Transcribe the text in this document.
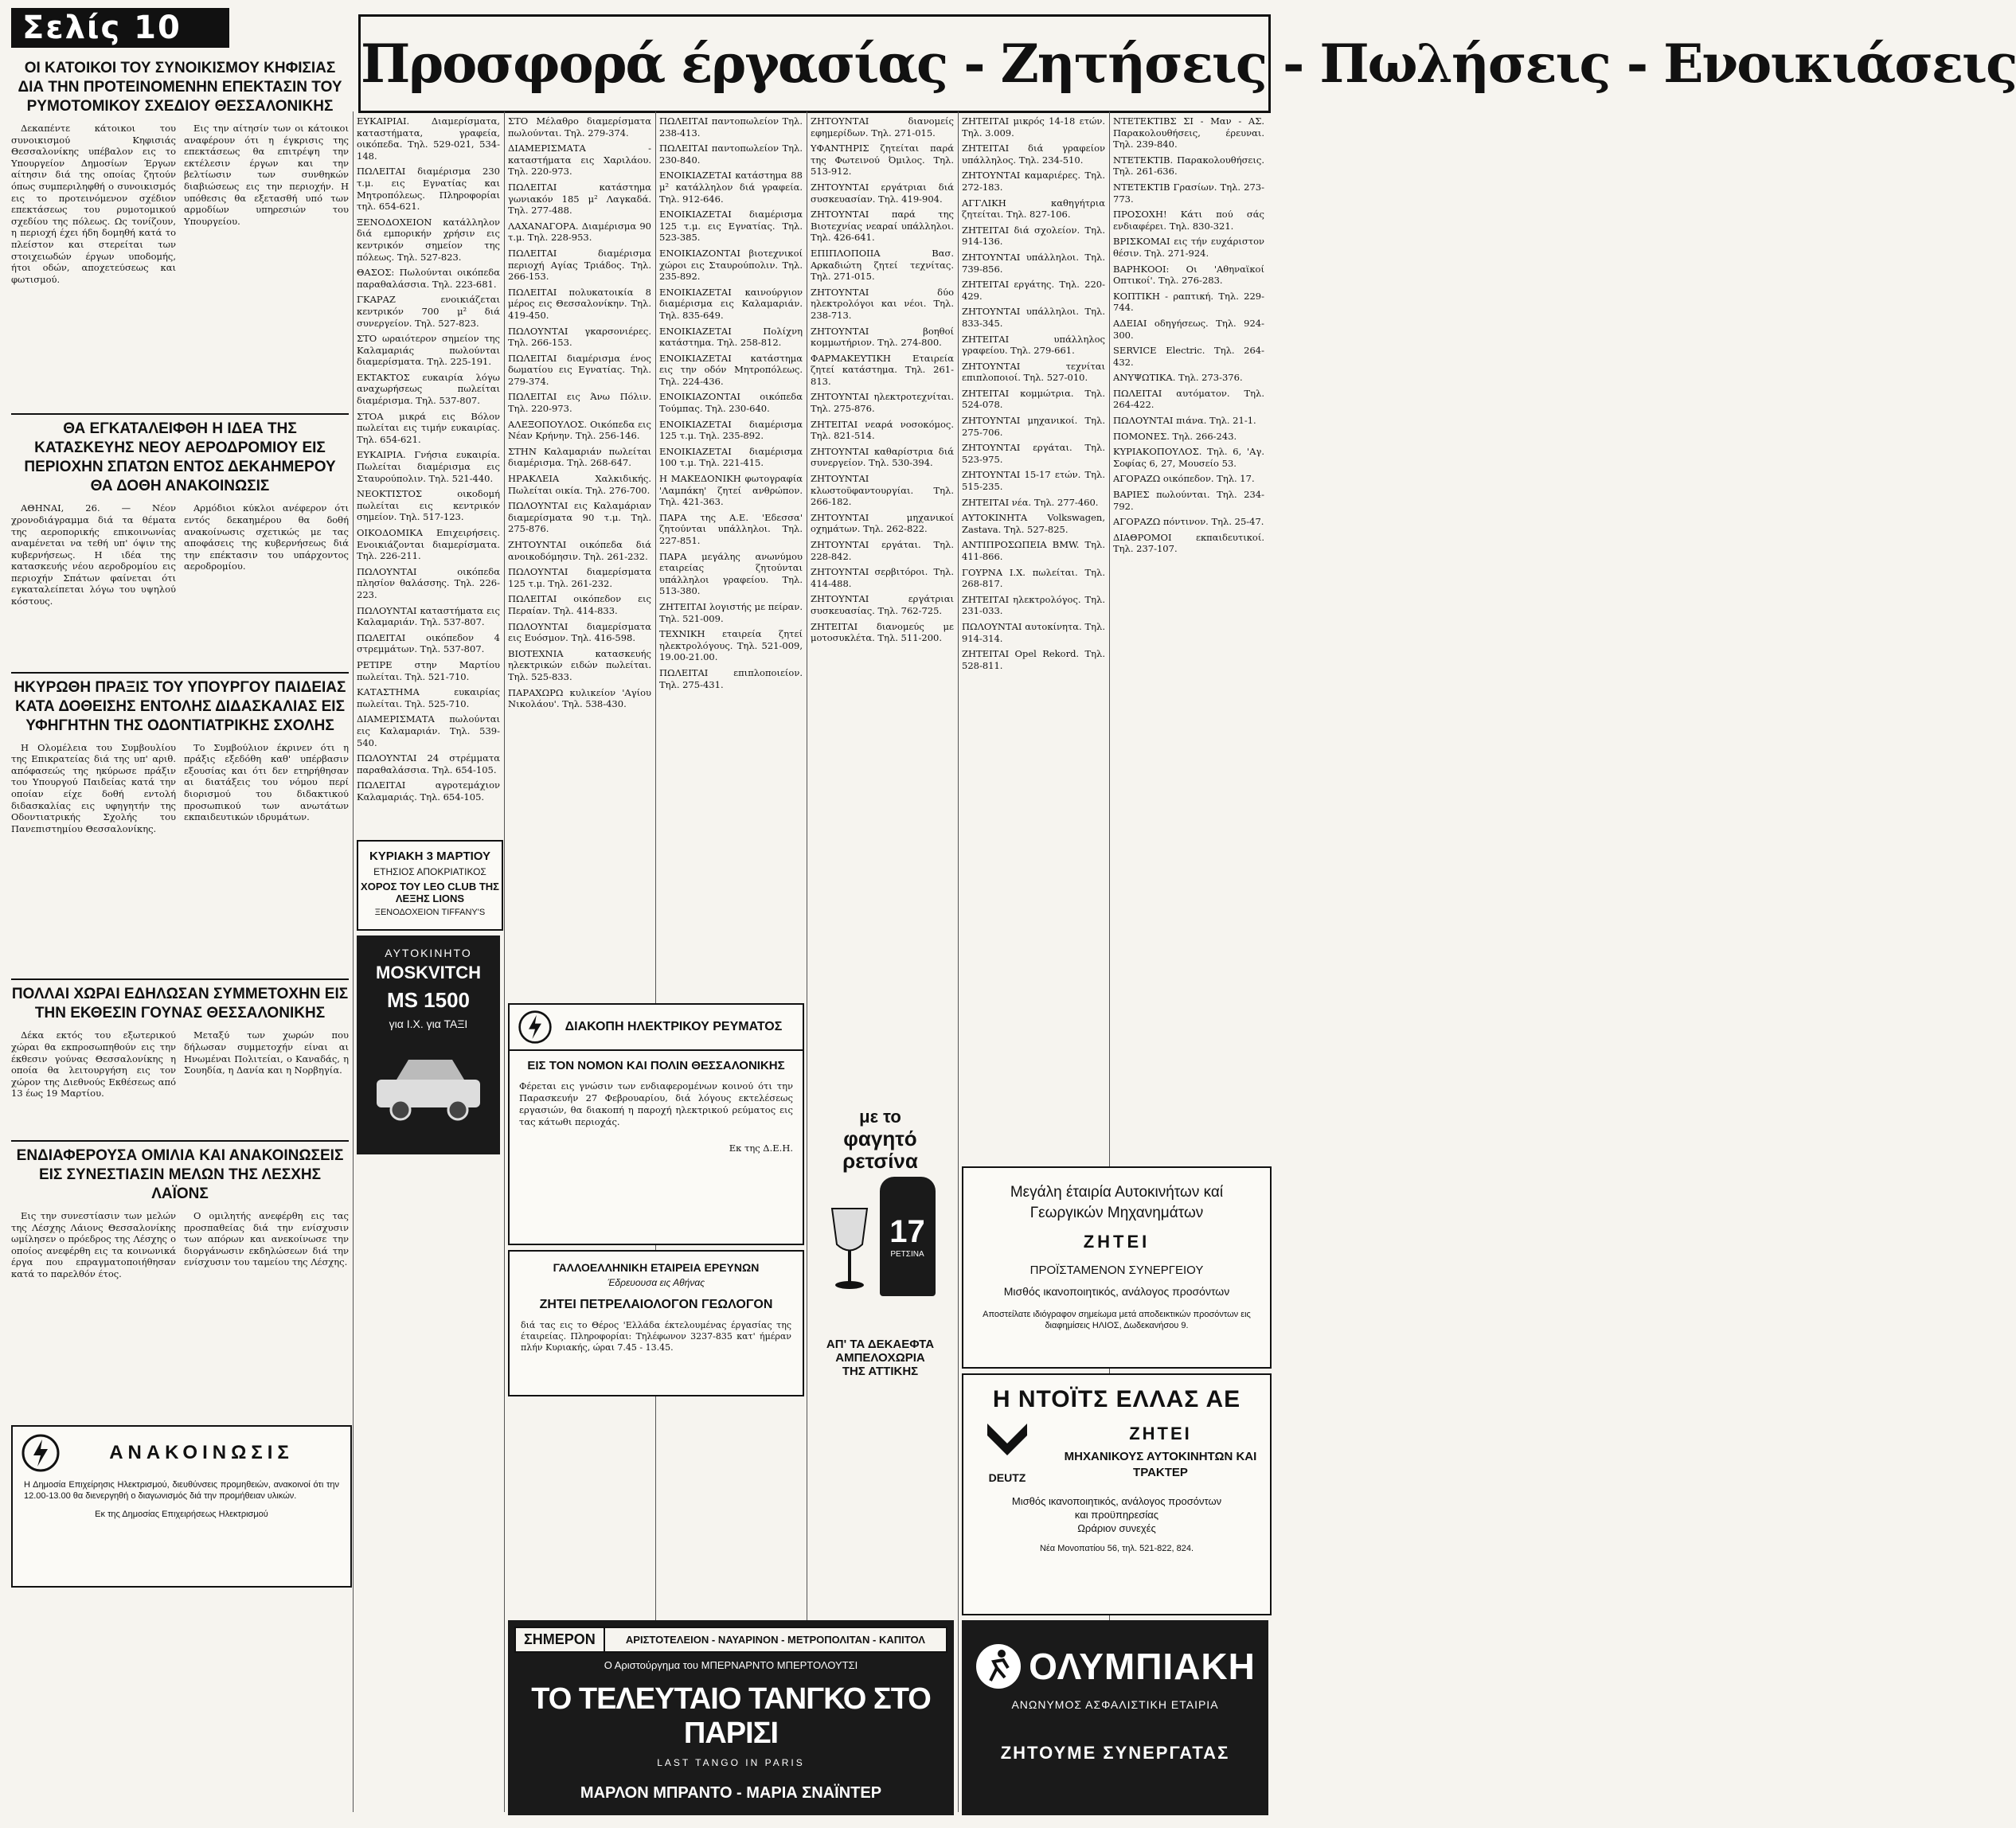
Σελίς 10
Προσφορά έργασίας - Ζητήσεις - Πωλήσεις - Ενοικιάσεις
ΟΙ ΚΑΤΟΙΚΟΙ ΤΟΥ ΣΥΝΟΙΚΙΣΜΟΥ ΚΗΦΙΣΙΑΣ ΔΙΑ ΤΗΝ ΠΡΟΤΕΙΝΟΜΕΝΗΝ ΕΠΕΚΤΑΣΙΝ ΤΟΥ ΡΥΜΟΤΟΜΙΚΟΥ ΣΧΕΔΙΟΥ ΘΕΣΣΑΛΟΝΙΚΗΣ

Δεκαπέντε κάτοικοι του συνοικισμού Κηφισιάς Θεσσαλονίκης υπέβαλον εις το Υπουργείον Δημοσίων Έργων αίτησιν διά της οποίας ζητούν όπως συμπεριληφθή ο συνοικισμός εις το προτεινόμενον σχέδιον επεκτάσεως του ρυμοτομικού σχεδίου της πόλεως. Ως τονίζουν, η περιοχή έχει ήδη δομηθή κατά το πλείστον και στερείται των στοιχειωδών έργων υποδομής, ήτοι οδών, αποχετεύσεως και φωτισμού.

Εις την αίτησίν των οι κάτοικοι αναφέρουν ότι η έγκρισις της επεκτάσεως θα επιτρέψη την εκτέλεσιν έργων και την βελτίωσιν των συνθηκών διαβιώσεως εις την περιοχήν. Η υπόθεσις θα εξετασθή υπό των αρμοδίων υπηρεσιών του Υπουργείου.

ΘΑ ΕΓΚΑΤΑΛΕΙΦΘΗ Η ΙΔΕΑ ΤΗΣ ΚΑΤΑΣΚΕΥΗΣ ΝΕΟΥ ΑΕΡΟΔΡΟΜΙΟΥ ΕΙΣ ΠΕΡΙΟΧΗΝ ΣΠΑΤΩΝ ΕΝΤΟΣ ΔΕΚΑΗΜΕΡΟΥ ΘΑ ΔΟΘΗ ΑΝΑΚΟΙΝΩΣΙΣ

ΑΘΗΝΑΙ, 26. — Νέον χρονοδιάγραμμα διά τα θέματα της αεροπορικής επικοινωνίας αναμένεται να τεθή υπ' όψιν της κυβερνήσεως. Η ιδέα της κατασκευής νέου αεροδρομίου εις περιοχήν Σπάτων φαίνεται ότι εγκαταλείπεται λόγω του υψηλού κόστους.

Αρμόδιοι κύκλοι ανέφερον ότι εντός δεκαημέρου θα δοθή ανακοίνωσις σχετικώς με τας αποφάσεις της κυβερνήσεως διά την επέκτασιν του υπάρχοντος αεροδρομίου.

ΗΚΥΡΩΘΗ ΠΡΑΞΙΣ ΤΟΥ ΥΠΟΥΡΓΟΥ ΠΑΙΔΕΙΑΣ ΚΑΤΑ ΔΟΘΕΙΣΗΣ ΕΝΤΟΛΗΣ ΔΙΔΑΣΚΑΛΙΑΣ ΕΙΣ ΥΦΗΓΗΤΗΝ ΤΗΣ ΟΔΟΝΤΙΑΤΡΙΚΗΣ ΣΧΟΛΗΣ

Η Ολομέλεια του Συμβουλίου της Επικρατείας διά της υπ' αριθ. απόφασεώς της ηκύρωσε πράξιν του Υπουργού Παιδείας κατά την οποίαν είχε δοθή εντολή διδασκαλίας εις υφηγητήν της Οδοντιατρικής Σχολής του Πανεπιστημίου Θεσσαλονίκης.

Το Συμβούλιον έκρινεν ότι η πράξις εξεδόθη καθ' υπέρβασιν εξουσίας και ότι δεν ετηρήθησαν αι διατάξεις του νόμου περί διορισμού του διδακτικού προσωπικού των ανωτάτων εκπαιδευτικών ιδρυμάτων.

ΠΟΛΛΑΙ ΧΩΡΑΙ ΕΔΗΛΩΣΑΝ ΣΥΜΜΕΤΟΧΗΝ ΕΙΣ ΤΗΝ ΕΚΘΕΣΙΝ ΓΟΥΝΑΣ ΘΕΣΣΑΛΟΝΙΚΗΣ

Δέκα εκτός του εξωτερικού χώραι θα εκπροσωπηθούν εις την έκθεσιν γούνας Θεσσαλονίκης η οποία θα λειτουργήση εις τον χώρον της Διεθνούς Εκθέσεως από 13 έως 19 Μαρτίου.

Μεταξύ των χωρών που δήλωσαν συμμετοχήν είναι αι Ηνωμέναι Πολιτείαι, ο Καναδάς, η Σουηδία, η Δανία και η Νορβηγία.

ΕΝΔΙΑΦΕΡΟΥΣΑ ΟΜΙΛΙΑ ΚΑΙ ΑΝΑΚΟΙΝΩΣΕΙΣ ΕΙΣ ΣΥΝΕΣΤΙΑΣΙΝ ΜΕΛΩΝ ΤΗΣ ΛΕΣΧΗΣ ΛΑΪΟΝΣ

Εις την συνεστίασιν των μελών της Λέσχης Λάιονς Θεσσαλονίκης ωμίλησεν ο πρόεδρος της Λέσχης ο οποίος ανεφέρθη εις τα κοινωνικά έργα που επραγματοποιήθησαν κατά το παρελθόν έτος.

Ο ομιλητής ανεφέρθη εις τας προσπαθείας διά την ενίσχυσιν των απόρων και ανεκοίνωσε την διοργάνωσιν εκδηλώσεων διά την ενίσχυσιν του ταμείου της Λέσχης.

ΑΝΑΚΟΙΝΩΣΙΣ
Η Δημοσία Επιχείρησις Ηλεκτρισμού, διευθύνσεις προμηθειών, ανακοινοί ότι την 12.00-13.00 θα διενεργηθή ο διαγωνισμός διά την προμήθειαν υλικών.
Εκ της Δημοσίας Επιχειρήσεως Ηλεκτρισμού

ΕΥΚΑΙΡΙΑΙ. Διαμερίσματα, καταστήματα, γραφεία, οικόπεδα. Τηλ. 529-021, 534-148.

ΠΩΛΕΙΤΑΙ διαμέρισμα 230 τ.μ. εις Εγνατίας και Μητροπόλεως. Πληροφορίαι τηλ. 654-621.

ΞΕΝΟΔΟΧΕΙΟΝ κατάλληλον διά εμπορικήν χρήσιν εις κεντρικόν σημείον της πόλεως. Τηλ. 527-823.

ΘΑΣΟΣ: Πωλούνται οικόπεδα παραθαλάσσια. Τηλ. 223-681.

ΓΚΑΡΑΖ ενοικιάζεται κεντρικόν 700 μ² διά συνεργείον. Τηλ. 527-823.

ΣΤΟ ωραιότερον σημείον της Καλαμαριάς πωλούνται διαμερίσματα. Τηλ. 225-191.

ΕΚΤΑΚΤΟΣ ευκαιρία λόγω αναχωρήσεως πωλείται διαμέρισμα. Τηλ. 537-807.

ΣΤΟΑ μικρά εις Βόλον πωλείται εις τιμήν ευκαιρίας. Τηλ. 654-621.

ΕΥΚΑΙΡΙΑ. Γνήσια ευκαιρία. Πωλείται διαμέρισμα εις Σταυρούπολιν. Τηλ. 521-440.

ΝΕΟΚΤΙΣΤΟΣ οικοδομή πωλείται εις κεντρικόν σημείον. Τηλ. 517-123.

ΟΙΚΟΔΟΜΙΚΑ Επιχειρήσεις. Ενοικιάζονται διαμερίσματα. Τηλ. 226-211.

ΠΩΛΟΥΝΤΑΙ οικόπεδα πλησίον θαλάσσης. Τηλ. 226-223.

ΠΩΛΟΥΝΤΑΙ καταστήματα εις Καλαμαριάν. Τηλ. 537-807.

ΠΩΛΕΙΤΑΙ οικόπεδον 4 στρεμμάτων. Τηλ. 537-807.

ΡΕΤΙΡΕ στην Μαρτίου πωλείται. Τηλ. 521-710.

ΚΑΤΑΣΤΗΜΑ ευκαιρίας πωλείται. Τηλ. 525-710.

ΔΙΑΜΕΡΙΣΜΑΤΑ πωλούνται εις Καλαμαριάν. Τηλ. 539-540.

ΠΩΛΟΥΝΤΑΙ 24 στρέμματα παραθαλάσσια. Τηλ. 654-105.

ΠΩΛΕΙΤΑΙ αγροτεμάχιον Καλαμαριάς. Τηλ. 654-105.

ΣΤΟ Μέλαθρο διαμερίσματα πωλούνται. Τηλ. 279-374.

ΔΙΑΜΕΡΙΣΜΑΤΑ - καταστήματα εις Χαριλάου. Τηλ. 220-973.

ΠΩΛΕΙΤΑΙ κατάστημα γωνιακόν 185 μ² Λαγκαδά. Τηλ. 277-488.

ΛΑΧΑΝΑΓΟΡΑ. Διαμέρισμα 90 τ.μ. Τηλ. 228-953.

ΠΩΛΕΙΤΑΙ διαμέρισμα περιοχή Αγίας Τριάδος. Τηλ. 266-153.

ΠΩΛΕΙΤΑΙ πολυκατοικία 8 μέρος εις Θεσσαλονίκην. Τηλ. 419-450.

ΠΩΛΟΥΝΤΑΙ γκαρσονιέρες. Τηλ. 266-153.

ΠΩΛΕΙΤΑΙ διαμέρισμα ένος δωματίου εις Εγνατίας. Τηλ. 279-374.

ΠΩΛΕΙΤΑΙ εις Άνω Πόλιν. Τηλ. 220-973.

ΑΛΕΞΟΠΟΥΛΟΣ. Οικόπεδα εις Νέαν Κρήνην. Τηλ. 256-146.

ΣΤΗΝ Καλαμαριάν πωλείται διαμέρισμα. Τηλ. 268-647.

ΗΡΑΚΛΕΙΑ Χαλκιδικής. Πωλείται οικία. Τηλ. 276-700.

ΠΩΛΟΥΝΤΑΙ εις Καλαμάριαν διαμερίσματα 90 τ.μ. Τηλ. 275-876.

ΖΗΤΟΥΝΤΑΙ οικόπεδα διά ανοικοδόμησιν. Τηλ. 261-232.

ΠΩΛΟΥΝΤΑΙ διαμερίσματα 125 τ.μ. Τηλ. 261-232.

ΠΩΛΕΙΤΑΙ οικόπεδον εις Περαίαν. Τηλ. 414-833.

ΠΩΛΟΥΝΤΑΙ διαμερίσματα εις Ευόσμον. Τηλ. 416-598.

ΒΙΟΤΕΧΝΙΑ κατασκευής ηλεκτρικών ειδών πωλείται. Τηλ. 525-833.

ΠΑΡΑΧΩΡΩ κυλικείον 'Αγίου Νικολάου'. Τηλ. 538-430.

ΠΩΛΕΙΤΑΙ παντοπωλείον Τηλ. 238-413.

ΠΩΛΕΙΤΑΙ παντοπωλείον Τηλ. 230-840.

ΕΝΟΙΚΙΑΖΕΤΑΙ κατάστημα 88 μ² κατάλληλον διά γραφεία. Τηλ. 912-646.

ΕΝΟΙΚΙΑΖΕΤΑΙ διαμέρισμα 125 τ.μ. εις Εγνατίας. Τηλ. 523-385.

ΕΝΟΙΚΙΑΖΟΝΤΑΙ βιοτεχνικοί χώροι εις Σταυρούπολιν. Τηλ. 235-892.

ΕΝΟΙΚΙΑΖΕΤΑΙ καινούργιον διαμέρισμα εις Καλαμαριάν. Τηλ. 835-649.

ΕΝΟΙΚΙΑΖΕΤΑΙ Πολίχνη κατάστημα. Τηλ. 258-812.

ΕΝΟΙΚΙΑΖΕΤΑΙ κατάστημα εις την οδόν Μητροπόλεως. Τηλ. 224-436.

ΕΝΟΙΚΙΑΖΟΝΤΑΙ οικόπεδα Τούμπας. Τηλ. 230-640.

ΕΝΟΙΚΙΑΖΕΤΑΙ διαμέρισμα 125 τ.μ. Τηλ. 235-892.

ΕΝΟΙΚΙΑΖΕΤΑΙ διαμέρισμα 100 τ.μ. Τηλ. 221-415.

Η ΜΑΚΕΔΟΝΙΚΗ φωτογραφία 'Λαμπάκη' ζητεί ανθρώπον. Τηλ. 421-363.

ΠΑΡΑ της Α.Ε. 'Εδεσσα' ζητούνται υπάλληλοι. Τηλ. 227-851.

ΠΑΡΑ μεγάλης ανωνύμου εταιρείας ζητούνται υπάλληλοι γραφείου. Τηλ. 513-380.

ΖΗΤΕΙΤΑΙ λογιστής με πείραν. Τηλ. 521-009.

ΤΕΧΝΙΚΗ εταιρεία ζητεί ηλεκτρολόγους. Τηλ. 521-009, 19.00-21.00.

ΠΩΛΕΙΤΑΙ επιπλοποιείον. Τηλ. 275-431.

ΖΗΤΟΥΝΤΑΙ διανομείς εφημερίδων. Τηλ. 271-015.

ΥΦΑΝΤΗΡΙΣ ζητείται παρά της Φωτεινού Όμιλος. Τηλ. 513-912.

ΖΗΤΟΥΝΤΑΙ εργάτριαι διά συσκευασίαν. Τηλ. 419-904.

ΖΗΤΟΥΝΤΑΙ παρά της Βιοτεχνίας νεαραί υπάλληλοι. Τηλ. 426-641.

ΕΠΙΠΛΟΠΟΙΙΑ Βασ. Αρκαδιώτη ζητεί τεχνίτας. Τηλ. 271-015.

ΖΗΤΟΥΝΤΑΙ δύο ηλεκτρολόγοι και νέοι. Τηλ. 238-713.

ΖΗΤΟΥΝΤΑΙ βοηθοί κομμωτήριον. Τηλ. 274-800.

ΦΑΡΜΑΚΕΥΤΙΚΗ Εταιρεία ζητεί κατάστημα. Τηλ. 261-813.

ΖΗΤΟΥΝΤΑΙ ηλεκτροτεχνίται. Τηλ. 275-876.

ΖΗΤΕΙΤΑΙ νεαρά νοσοκόμος. Τηλ. 821-514.

ΖΗΤΟΥΝΤΑΙ καθαρίστρια διά συνεργείον. Τηλ. 530-394.

ΖΗΤΟΥΝΤΑΙ κλωστοϋφαντουργίαι. Τηλ. 266-182.

ΖΗΤΟΥΝΤΑΙ μηχανικοί οχημάτων. Τηλ. 262-822.

ΖΗΤΟΥΝΤΑΙ εργάται. Τηλ. 228-842.

ΖΗΤΟΥΝΤΑΙ σερβιτόροι. Τηλ. 414-488.

ΖΗΤΟΥΝΤΑΙ εργάτριαι συσκευασίας. Τηλ. 762-725.

ΖΗΤΕΙΤΑΙ διανομεύς με μοτοσυκλέτα. Τηλ. 511-200.

ΖΗΤΕΙΤΑΙ μικρός 14-18 ετών. Τηλ. 3.009.

ΖΗΤΕΙΤΑΙ διά γραφείον υπάλληλος. Τηλ. 234-510.

ΖΗΤΟΥΝΤΑΙ καμαριέρες. Τηλ. 272-183.

ΑΓΓΛΙΚΗ καθηγήτρια ζητείται. Τηλ. 827-106.

ΖΗΤΕΙΤΑΙ διά σχολείον. Τηλ. 914-136.

ΖΗΤΟΥΝΤΑΙ υπάλληλοι. Τηλ. 739-856.

ΖΗΤΕΙΤΑΙ εργάτης. Τηλ. 220-429.

ΖΗΤΟΥΝΤΑΙ υπάλληλοι. Τηλ. 833-345.

ΖΗΤΕΙΤΑΙ υπάλληλος γραφείου. Τηλ. 279-661.

ΖΗΤΟΥΝΤΑΙ τεχνίται επιπλοποιοί. Τηλ. 527-010.

ΖΗΤΕΙΤΑΙ κομμώτρια. Τηλ. 524-078.

ΖΗΤΟΥΝΤΑΙ μηχανικοί. Τηλ. 275-706.

ΖΗΤΟΥΝΤΑΙ εργάται. Τηλ. 523-975.

ΖΗΤΟΥΝΤΑΙ 15-17 ετών. Τηλ. 515-235.

ΖΗΤΕΙΤΑΙ νέα. Τηλ. 277-460.

ΑΥΤΟΚΙΝΗΤΑ Volkswagen, Zastava. Τηλ. 527-825.

ΑΝΤΙΠΡΟΣΩΠΕΙΑ BMW. Τηλ. 411-866.

ΓΟΥΡΝΑ I.X. πωλείται. Τηλ. 268-817.

ΖΗΤΕΙΤΑΙ ηλεκτρολόγος. Τηλ. 231-033.

ΠΩΛΟΥΝΤΑΙ αυτοκίνητα. Τηλ. 914-314.

ΖΗΤΕΙΤΑΙ Opel Rekord. Τηλ. 528-811.

ΝΤΕΤΕΚΤΙΒΣ ΣΙ - Μαν - ΑΣ. Παρακολουθήσεις, έρευναι. Τηλ. 239-840.

ΝΤΕΤΕΚΤΙΒ. Παρακολουθήσεις. Τηλ. 261-636.

ΝΤΕΤΕΚΤΙΒ Γρασίων. Τηλ. 273-773.

ΠΡΟΣΟΧΗ! Κάτι πού σάς ενδιαφέρει. Τηλ. 830-321.

ΒΡΙΣΚΟΜΑΙ εις τήν ευχάριστον θέσιν. Τηλ. 271-924.

ΒΑΡΗΚΟΟΙ: Οι 'Αθηναϊκοί Οπτικοί'. Τηλ. 276-283.

ΚΟΠΤΙΚΗ - ραπτική. Τηλ. 229-744.

ΑΔΕΙΑΙ οδηγήσεως. Τηλ. 924-300.

SERVICE Electric. Τηλ. 264-432.

ΑΝΥΨΩΤΙΚΑ. Τηλ. 273-376.

ΠΩΛΕΙΤΑΙ αυτόματον. Τηλ. 264-422.

ΠΩΛΟΥΝΤΑΙ πιάνα. Τηλ. 21-1.

ΠΟΜΟΝΕΣ. Τηλ. 266-243.

ΚΥΡΙΑΚΟΠΟΥΛΟΣ. Τηλ. 6, 'Αγ. Σοφίας 6, 27, Μουσείο 53.

ΑΓΟΡΑΖΩ οικόπεδον. Τηλ. 17.

ΒΑΡΙΕΣ πωλούνται. Τηλ. 234-792.

ΑΓΟΡΑΖΩ πόντινον. Τηλ. 25-47.

ΔΙΑΘΡΟΜΟΙ εκπαιδευτικοί. Τηλ. 237-107.

ΚΥΡΙΑΚΗ 3 ΜΑΡΤΙΟΥ
ΕΤΗΣΙΟΣ ΑΠΟΚΡΙΑΤΙΚΟΣ
ΧΟΡΟΣ ΤΟΥ LEO CLUB ΤΗΣ ΛΕΞΗΣ LIONS
ΞΕΝΟΔΟΧΕΙΟΝ TIFFANY'S
ΑΥΤΟΚΙΝΗΤΟ
MOSKVITCH
MS 1500
για Ι.Χ. για ΤΑΞΙ	ΔΙΑΚΟΠΗ ΗΛΕΚΤΡΙΚΟΥ ΡΕΥΜΑΤΟΣ
ΕΙΣ ΤΟΝ ΝΟΜΟΝ ΚΑΙ ΠΟΛΙΝ ΘΕΣΣΑΛΟΝΙΚΗΣ
Φέρεται εις γνώσιν των ενδιαφερομένων κοινού ότι την Παρασκευήν 27 Φεβρουαρίου, διά λόγους εκτελέσεως εργασιών, θα διακοπή η παροχή ηλεκτρικού ρεύματος εις τας κάτωθι περιοχάς.
Εκ της Δ.Ε.Η.
με το
φαγητό
ρετσίνα
17
ΡΕΤΣΙΝΑ
ΑΠ' ΤΑ ΔΕΚΑΕΦΤΑ
ΑΜΠΕΛΟΧΩΡΙΑ
ΤΗΣ ΑΤΤΙΚΗΣ
ΓΑΛΛΟΕΛΛΗΝΙΚΗ ΕΤΑΙΡΕΙΑ ΕΡΕΥΝΩΝ
Έδρευουσα εις Αθήνας
ΖΗΤΕΙ ΠΕΤΡΕΛΑΙΟΛΟΓΟΝ ΓΕΩΛΟΓΟΝ
διά τας εις το Θέρος 'Ελλάδα έκτελουμένας έργασίας της έταιρείας. Πληροφορίαι: Τηλέφωνον 3237-835 κατ' ήμέραν πλήν Κυριακής, ώραι 7.45 - 13.45.
Μεγάλη έταιρία Αυτοκινήτων καί Γεωργικών Μηχανημάτων
ΖΗΤΕΙ
ΠΡΟΪΣΤΑΜΕΝΟΝ ΣΥΝΕΡΓΕΙΟΥ
Μισθός ικανοποιητικός, ανάλογος προσόντων
Αποστείλατε ιδιόγραφον σημείωμα μετά αποδεικτικών προσόντων εις διαφημίσεις ΗΛΙΟΣ, Δωδεκανήσου 9.
Η ΝΤΟΪΤΣ ΕΛΛΑΣ ΑΕ
DEUTZ
ΖΗΤΕΙ
ΜΗΧΑΝΙΚΟΥΣ ΑΥΤΟΚΙΝΗΤΩΝ ΚΑΙ ΤΡΑΚΤΕΡ
Μισθός ικανοποιητικός, ανάλογος προσόντων
και προϋπηρεσίας
Ωράριον συνεχές
Νέα Μονοπατίου 56, τηλ. 521-822, 824.
ΣΗΜΕΡΟΝ	ΑΡΙΣΤΟΤΕΛΕΙΟΝ - ΝΑΥΑΡΙΝΟΝ - ΜΕΤΡΟΠΟΛΙΤΑΝ - ΚΑΠΙΤΟΛ
Ο Αριστούργημα του ΜΠΕΡΝΑΡΝΤΟ ΜΠΕΡΤΟΛΟΥΤΣΙ
ΤΟ ΤΕΛΕΥΤΑΙΟ ΤΑΝΓΚΟ ΣΤΟ ΠΑΡΙΣΙ
LAST TANGO IN PARIS
ΜΑΡΛΟΝ ΜΠΡΑΝΤΟ - ΜΑΡΙΑ ΣΝΑΪΝΤΕΡ
ΟΛΥΜΠΙΑΚΗ
ΑΝΩΝΥΜΟΣ ΑΣΦΑΛΙΣΤΙΚΗ ΕΤΑΙΡΙΑ
ΖΗΤΟΥΜΕ ΣΥΝΕΡΓΑΤΑΣ
